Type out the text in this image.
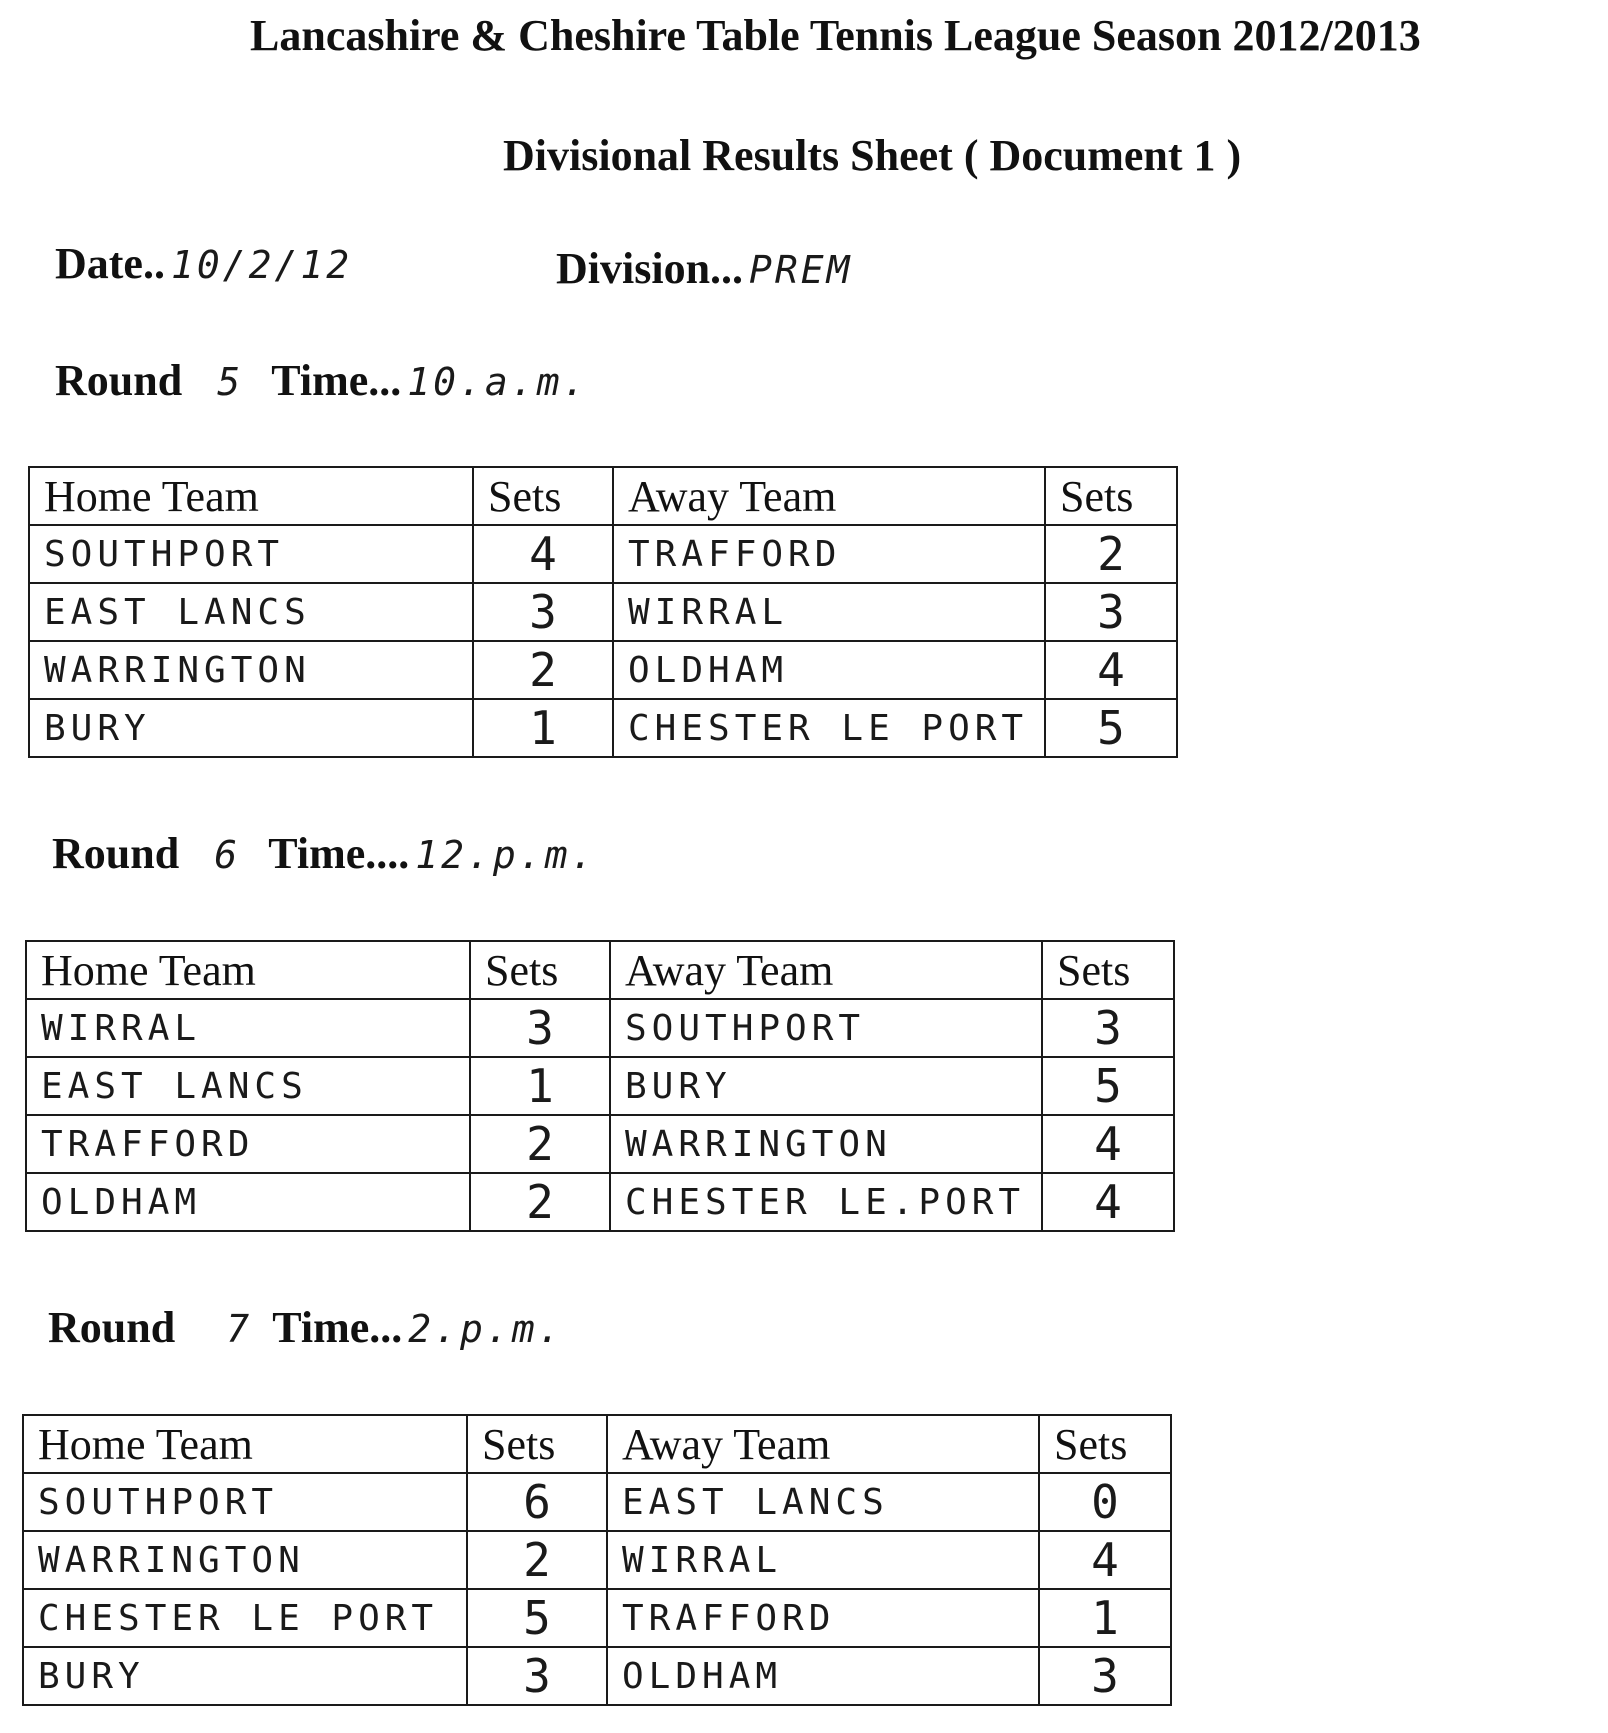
Lancashire & Cheshire Table Tennis League Season 2012/2013
Divisional Results Sheet ( Document 1 )
Date.. 10/2/12	Division... PREM
Round 5 Time... 10.a.m.
Home Team	Sets	Away Team	Sets
SOUTHPORT	4	TRAFFORD	2
EAST LANCS	3	WIRRAL	3
WARRINGTON	2	OLDHAM	4
BURY	1	CHESTER LE PORT	5
Round 6 Time.... 12.p.m.
Home Team	Sets	Away Team	Sets
WIRRAL	3	SOUTHPORT	3
EAST LANCS	1	BURY	5
TRAFFORD	2	WARRINGTON	4
OLDHAM	2	CHESTER LE.PORT	4
Round 7 Time... 2.p.m.
Home Team	Sets	Away Team	Sets
SOUTHPORT	6	EAST LANCS	0
WARRINGTON	2	WIRRAL	4
CHESTER LE PORT	5	TRAFFORD	1
BURY	3	OLDHAM	3
